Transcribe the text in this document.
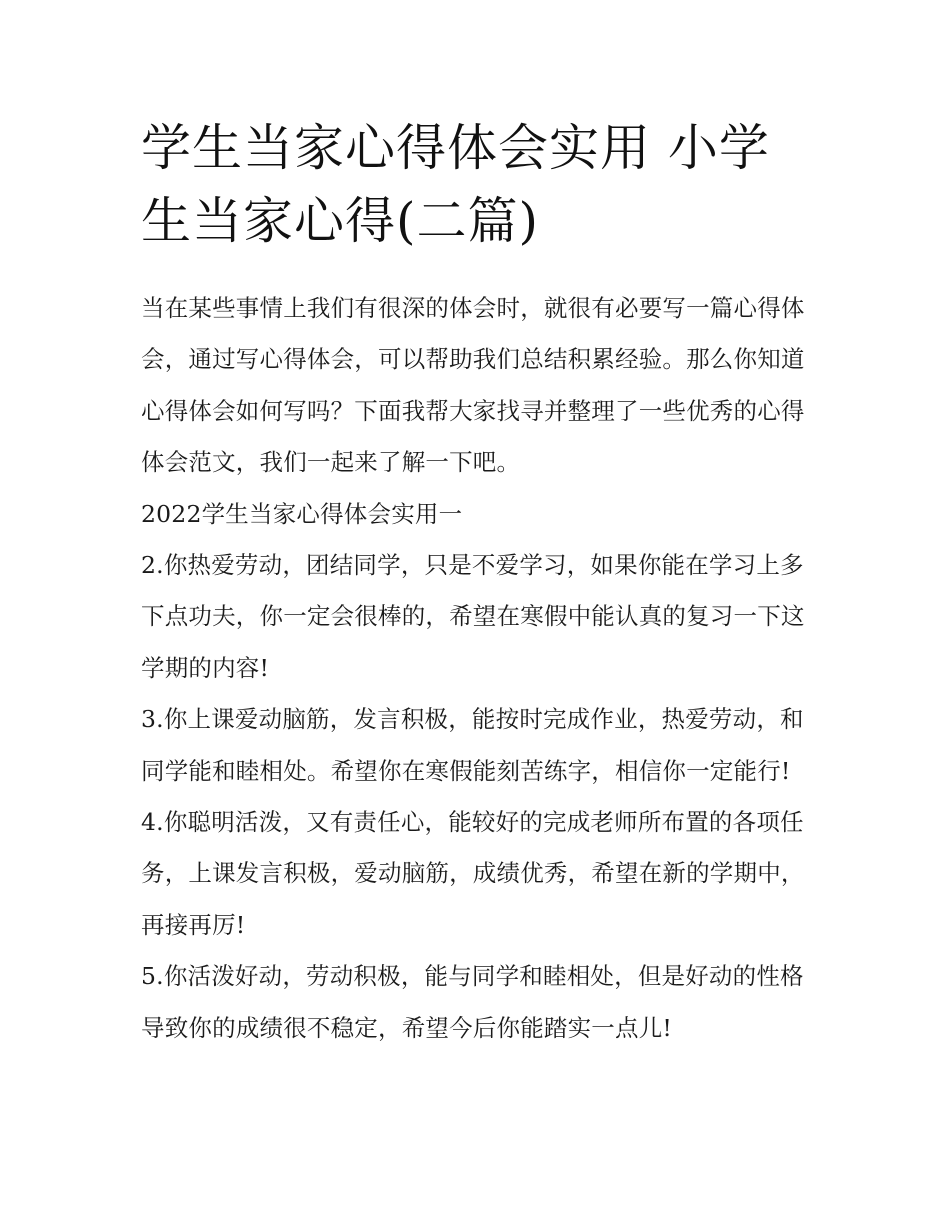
学生当家心得体会实用 小学生当家心得(二篇)

当在某些事情上我们有很深的体会时，就很有必要写一篇心得体会，通过写心得体会，可以帮助我们总结积累经验。那么你知道心得体会如何写吗？下面我帮大家找寻并整理了一些优秀的心得体会范文，我们一起来了解一下吧。

2022学生当家心得体会实用一

2.你热爱劳动，团结同学，只是不爱学习，如果你能在学习上多下点功夫，你一定会很棒的，希望在寒假中能认真的复习一下这学期的内容!

3.你上课爱动脑筋，发言积极，能按时完成作业，热爱劳动，和同学能和睦相处。希望你在寒假能刻苦练字，相信你一定能行!

4.你聪明活泼，又有责任心，能较好的完成老师所布置的各项任务，上课发言积极，爱动脑筋，成绩优秀，希望在新的学期中，再接再厉!

5.你活泼好动，劳动积极，能与同学和睦相处，但是好动的性格导致你的成绩很不稳定，希望今后你能踏实一点儿!
